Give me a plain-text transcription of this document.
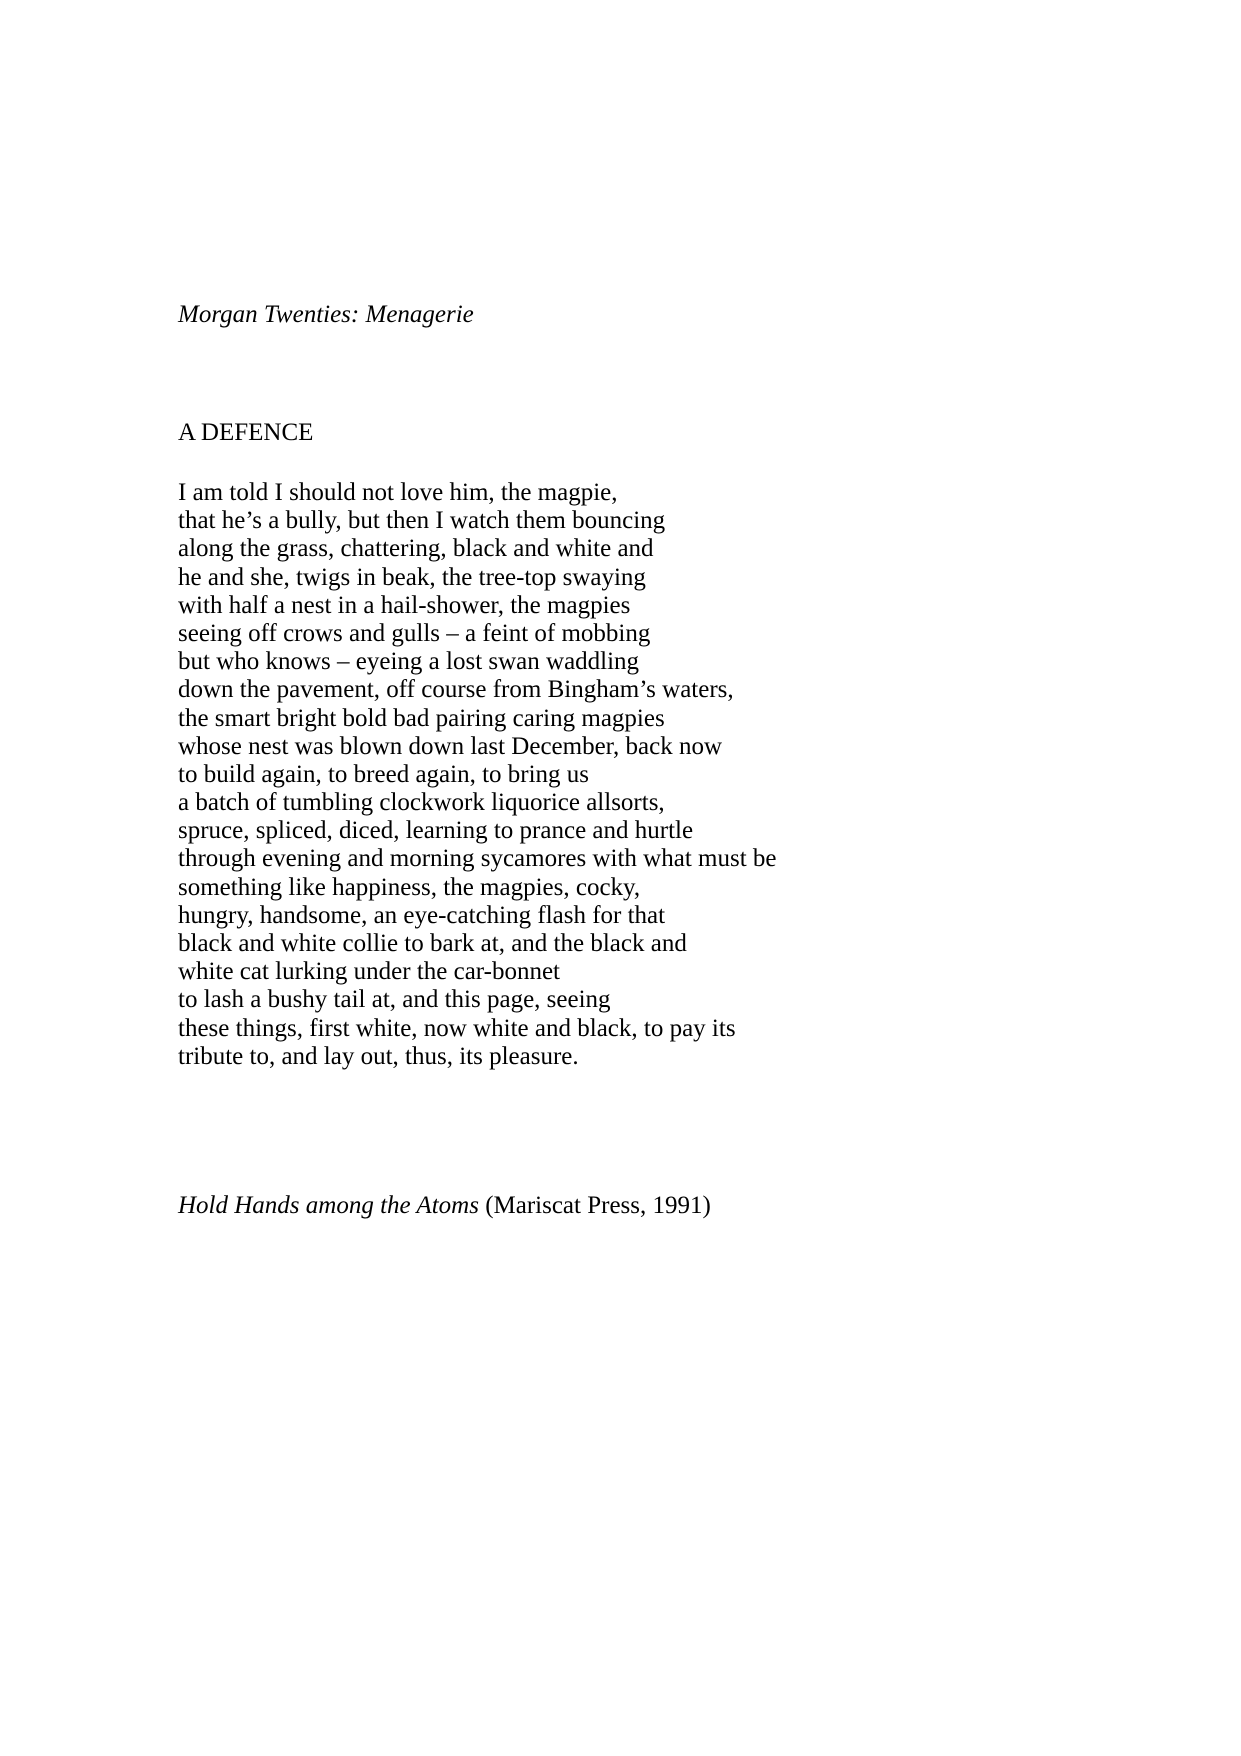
Morgan Twenties: Menagerie
A DEFENCE
I am told I should not love him, the magpie,
that he’s a bully, but then I watch them bouncing
along the grass, chattering, black and white and
he and she, twigs in beak, the tree-top swaying
with half a nest in a hail-shower, the magpies
seeing off crows and gulls – a feint of mobbing
but who knows – eyeing a lost swan waddling
down the pavement, off course from Bingham’s waters,
the smart bright bold bad pairing caring magpies
whose nest was blown down last December, back now
to build again, to breed again, to bring us
a batch of tumbling clockwork liquorice allsorts,
spruce, spliced, diced, learning to prance and hurtle
through evening and morning sycamores with what must be
something like happiness, the magpies, cocky,
hungry, handsome, an eye-catching flash for that
black and white collie to bark at, and the black and
white cat lurking under the car-bonnet
to lash a bushy tail at, and this page, seeing
these things, first white, now white and black, to pay its
tribute to, and lay out, thus, its pleasure.
Hold Hands among the Atoms (Mariscat Press, 1991)
